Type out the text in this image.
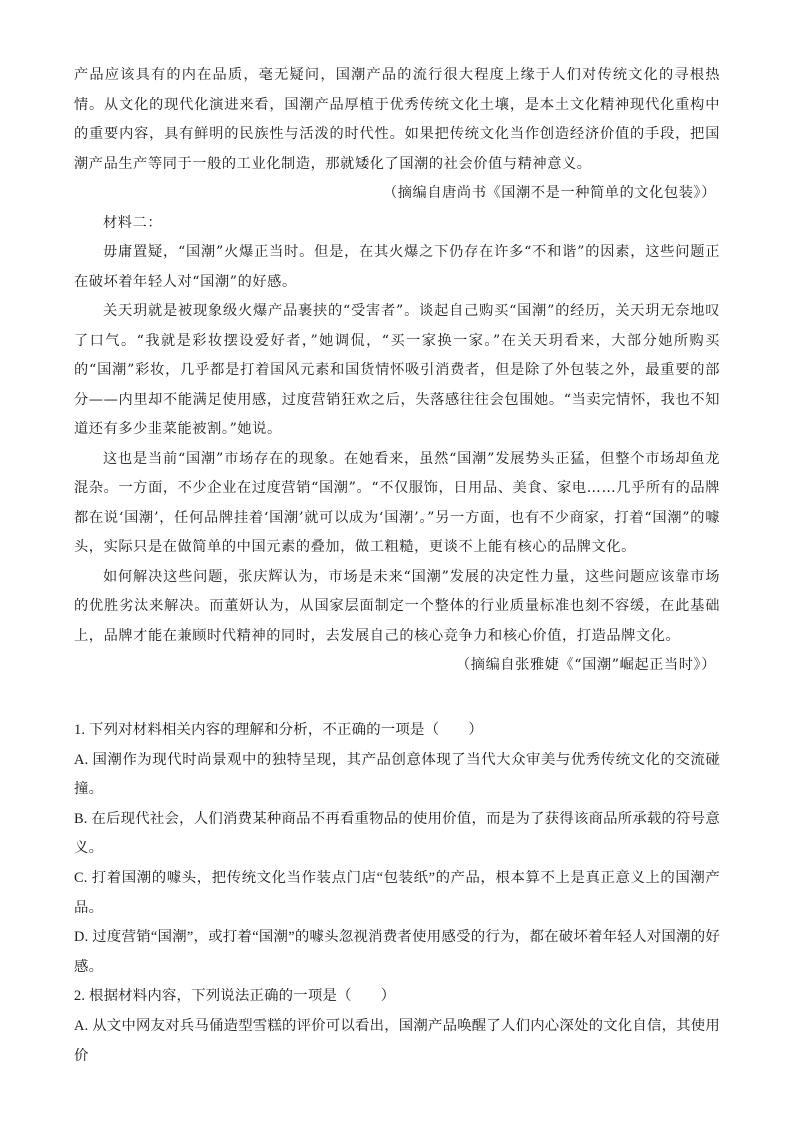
产品应该具有的内在品质，毫无疑问，国潮产品的流行很大程度上缘于人们对传统文化的寻根热情。从文化的现代化演进来看，国潮产品厚植于优秀传统文化土壤，是本土文化精神现代化重构中的重要内容，具有鲜明的民族性与活泼的时代性。如果把传统文化当作创造经济价值的手段，把国潮产品生产等同于一般的工业化制造，那就矮化了国潮的社会价值与精神意义。

（摘编自唐尚书《国潮不是一种简单的文化包装》）

材料二：

毋庸置疑，“国潮”火爆正当时。但是，在其火爆之下仍存在许多“不和谐”的因素，这些问题正在破坏着年轻人对“国潮”的好感。

关天玥就是被现象级火爆产品裹挟的“受害者”。谈起自己购买“国潮”的经历，关天玥无奈地叹了口气。“我就是彩妆摆设爱好者，”她调侃，“买一家换一家。”在关天玥看来，大部分她所购买的“国潮”彩妆，几乎都是打着国风元素和国货情怀吸引消费者，但是除了外包装之外，最重要的部分——内里却不能满足使用感，过度营销狂欢之后，失落感往往会包围她。“当卖完情怀，我也不知道还有多少韭菜能被割。”她说。

这也是当前“国潮”市场存在的现象。在她看来，虽然“国潮”发展势头正猛，但整个市场却鱼龙混杂。一方面，不少企业在过度营销“国潮”。“不仅服饰，日用品、美食、家电……几乎所有的品牌都在说‘国潮’，任何品牌挂着‘国潮’就可以成为‘国潮’。”另一方面，也有不少商家，打着“国潮”的噱头，实际只是在做简单的中国元素的叠加，做工粗糙，更谈不上能有核心的品牌文化。

如何解决这些问题，张庆辉认为，市场是未来“国潮”发展的决定性力量，这些问题应该靠市场的优胜劣汰来解决。而董妍认为，从国家层面制定一个整体的行业质量标准也刻不容缓，在此基础上，品牌才能在兼顾时代精神的同时，去发展自己的核心竞争力和核心价值，打造品牌文化。

（摘编自张雅婕《“国潮”崛起正当时》）

1. 下列对材料相关内容的理解和分析，不正确的一项是（　　）

A. 国潮作为现代时尚景观中的独特呈现，其产品创意体现了当代大众审美与优秀传统文化的交流碰撞。

B. 在后现代社会，人们消费某种商品不再看重物品的使用价值，而是为了获得该商品所承载的符号意义。

C. 打着国潮的噱头，把传统文化当作装点门店“包装纸”的产品，根本算不上是真正意义上的国潮产品。

D. 过度营销“国潮”，或打着“国潮”的噱头忽视消费者使用感受的行为，都在破坏着年轻人对国潮的好感。

2. 根据材料内容，下列说法正确的一项是（　　）

A. 从文中网友对兵马俑造型雪糕的评价可以看出，国潮产品唤醒了人们内心深处的文化自信，其使用价
